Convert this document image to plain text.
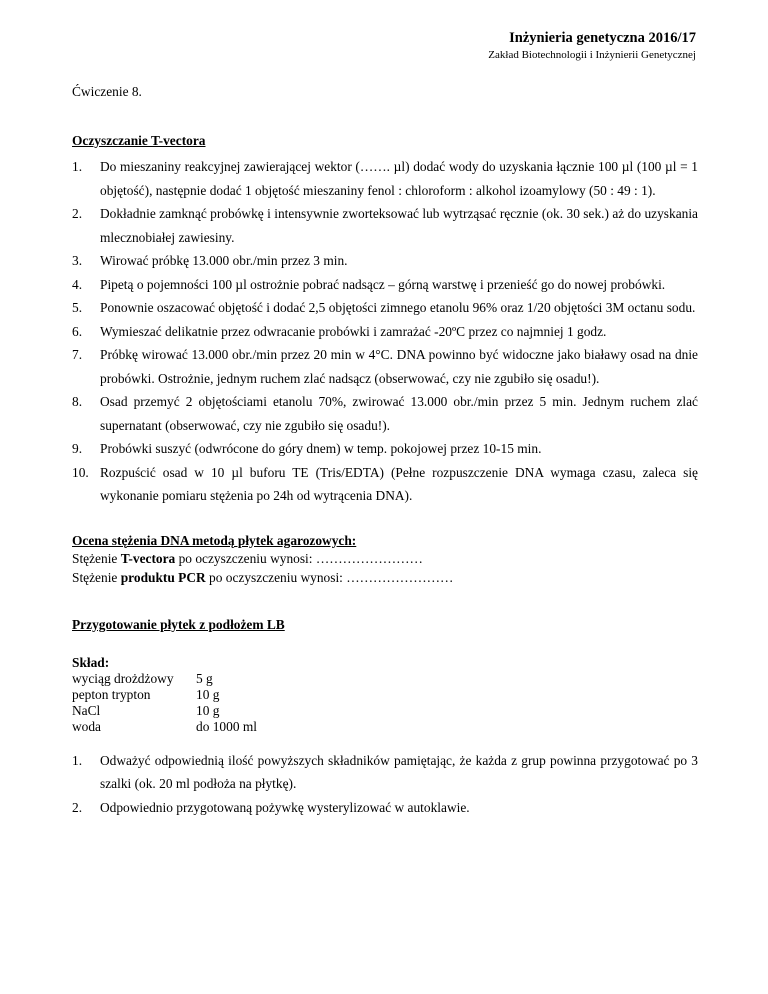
Inżynieria genetyczna 2016/17
Zakład Biotechnologii i Inżynierii Genetycznej

Ćwiczenie 8.

Oczyszczanie T-vectora

1. Do mieszaniny reakcyjnej zawierającej wektor (……. µl) dodać wody do uzyskania łącznie 100 µl (100 µl = 1 objętość), następnie dodać 1 objętość mieszaniny fenol : chloroform : alkohol izoamylowy (50 : 49 : 1).
2. Dokładnie zamknąć probówkę i intensywnie zworteksować lub wytrząsać ręcznie (ok. 30 sek.) aż do uzyskania mlecznobiałej zawiesiny.
3. Wirować próbkę 13.000 obr./min przez 3 min.
4. Pipetą o pojemności 100 µl ostrożnie pobrać nadsącz – górną warstwę i przenieść go do nowej probówki.
5. Ponownie oszacować objętość i dodać 2,5 objętości zimnego etanolu 96% oraz 1/20 objętości 3M octanu sodu.
6. Wymieszać delikatnie przez odwracanie probówki i zamrażać -20ºC przez co najmniej 1 godz.
7. Próbkę wirować 13.000 obr./min przez 20 min w 4°C. DNA powinno być widoczne jako białawy osad na dnie probówki. Ostrożnie, jednym ruchem zlać nadsącz (obserwować, czy nie zgubiło się osadu!).
8. Osad przemyć 2 objętościami etanolu 70%, zwirować 13.000 obr./min przez 5 min. Jednym ruchem zlać supernatant (obserwować, czy nie zgubiło się osadu!).
9. Probówki suszyć (odwrócone do góry dnem) w temp. pokojowej przez 10-15 min.
10. Rozpuścić osad w 10 µl buforu TE (Tris/EDTA) (Pełne rozpuszczenie DNA wymaga czasu, zaleca się wykonanie pomiaru stężenia po 24h od wytrącenia DNA).

Ocena stężenia DNA metodą płytek agarozowych:

Stężenie T-vectora po oczyszczeniu wynosi: ……………………

Stężenie produktu PCR po oczyszczeniu wynosi: ……………………

Przygotowanie płytek z podłożem LB

Skład:
wyciąg drożdżowy	5 g
pepton trypton	10 g
NaCl	10 g
woda	do 1000 ml
1. Odważyć odpowiednią ilość powyższych składników pamiętając, że każda z grup powinna przygotować po 3 szalki (ok. 20 ml podłoża na płytkę).
2. Odpowiednio przygotowaną pożywkę wysterylizować w autoklawie.
